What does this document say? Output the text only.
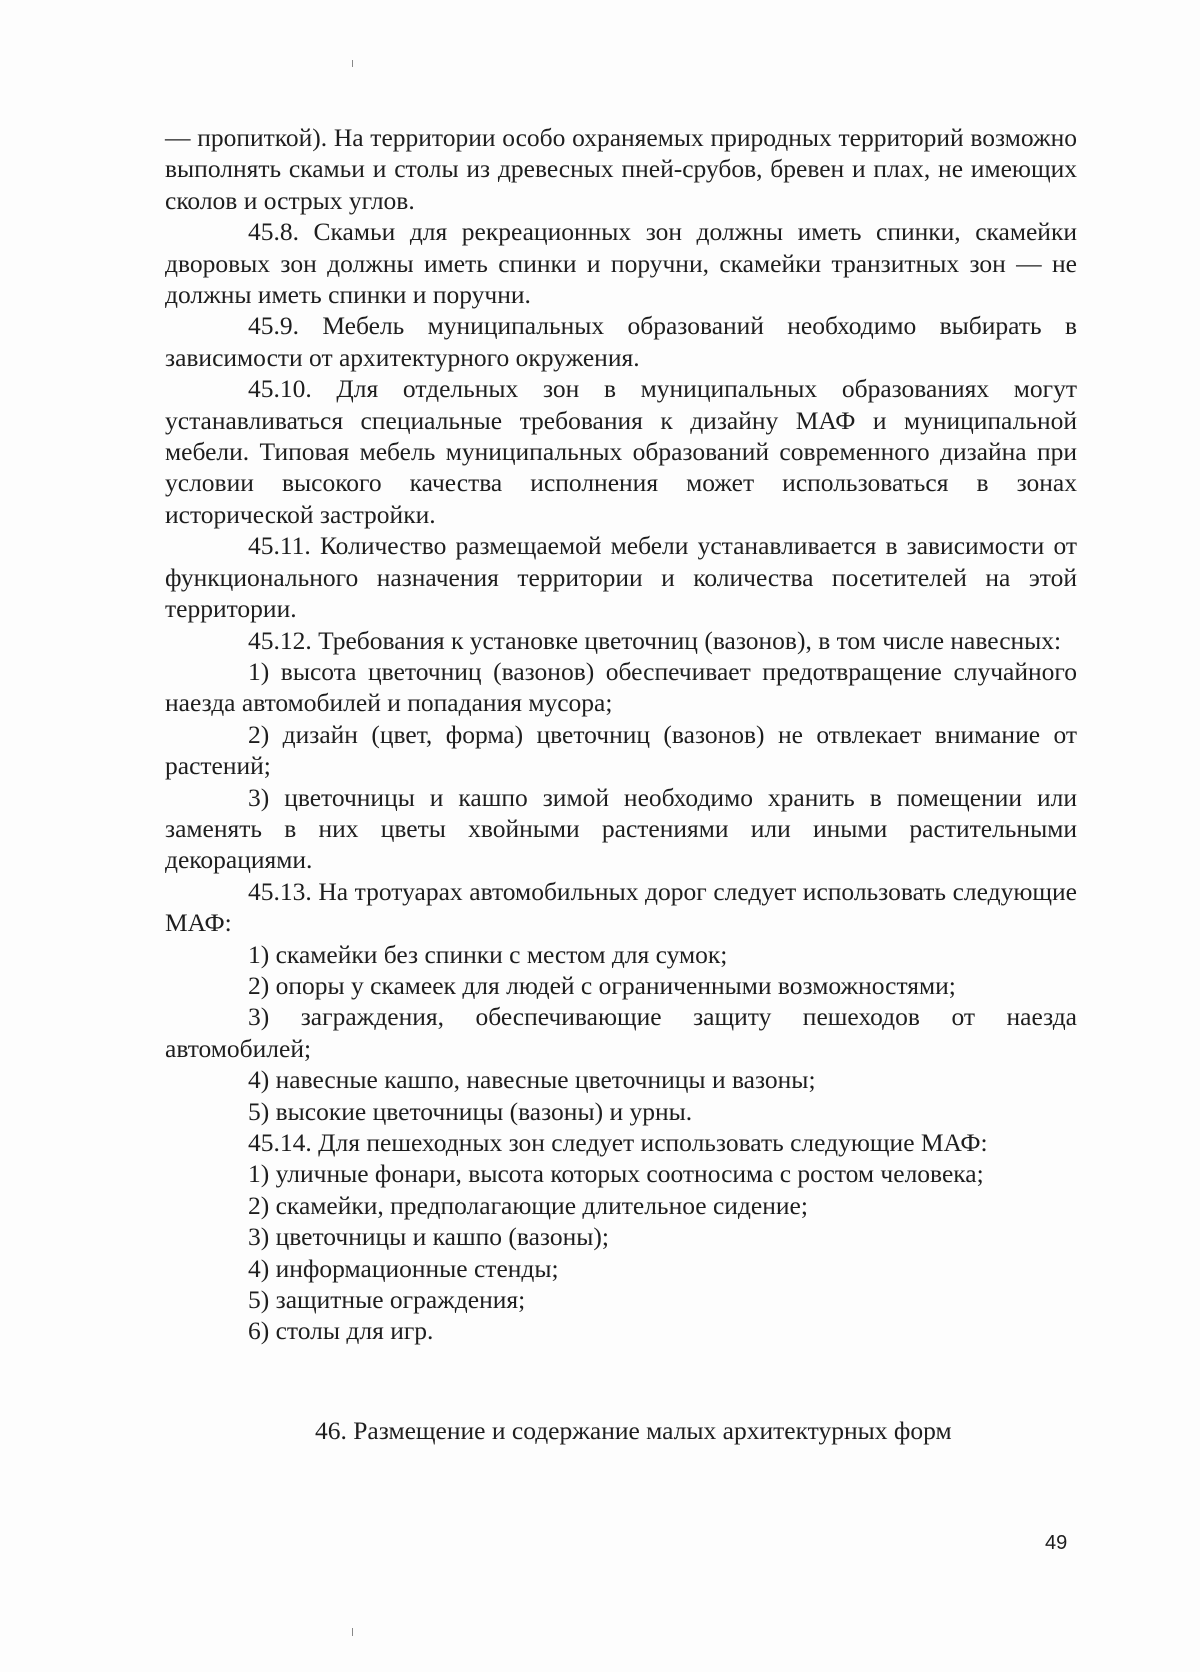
— пропиткой). На территории особо охраняемых природных территорий возможно выполнять скамьи и столы из древесных пней-срубов, бревен и плах, не имеющих сколов и острых углов.

45.8. Скамьи для рекреационных зон должны иметь спинки, скамейки дворовых зон должны иметь спинки и поручни, скамейки транзитных зон — не должны иметь спинки и поручни.

45.9. Мебель муниципальных образований необходимо выбирать в зависимости от архитектурного окружения.

45.10. Для отдельных зон в муниципальных образованиях могут устанавливаться специальные требования к дизайну МАФ и муниципальной мебели. Типовая мебель муниципальных образований современного дизайна при условии высокого качества исполнения может использоваться в зонах исторической застройки.

45.11. Количество размещаемой мебели устанавливается в зависимости от функционального назначения территории и количества посетителей на этой территории.

45.12. Требования к установке цветочниц (вазонов), в том числе навесных:

1) высота цветочниц (вазонов) обеспечивает предотвращение случайного наезда автомобилей и попадания мусора;

2) дизайн (цвет, форма) цветочниц (вазонов) не отвлекает внимание от растений;

3) цветочницы и кашпо зимой необходимо хранить в помещении или заменять в них цветы хвойными растениями или иными растительными декорациями.

45.13. На тротуарах автомобильных дорог следует использовать следующие МАФ:

1) скамейки без спинки с местом для сумок;

2) опоры у скамеек для людей с ограниченными возможностями;

3) заграждения, обеспечивающие защиту пешеходов от наезда автомобилей;

4) навесные кашпо, навесные цветочницы и вазоны;

5) высокие цветочницы (вазоны) и урны.

45.14. Для пешеходных зон следует использовать следующие МАФ:

1) уличные фонари, высота которых соотносима с ростом человека;

2) скамейки, предполагающие длительное сидение;

3) цветочницы и кашпо (вазоны);

4) информационные стенды;

5) защитные ограждения;

6) столы для игр.

46. Размещение и содержание малых архитектурных форм
49
